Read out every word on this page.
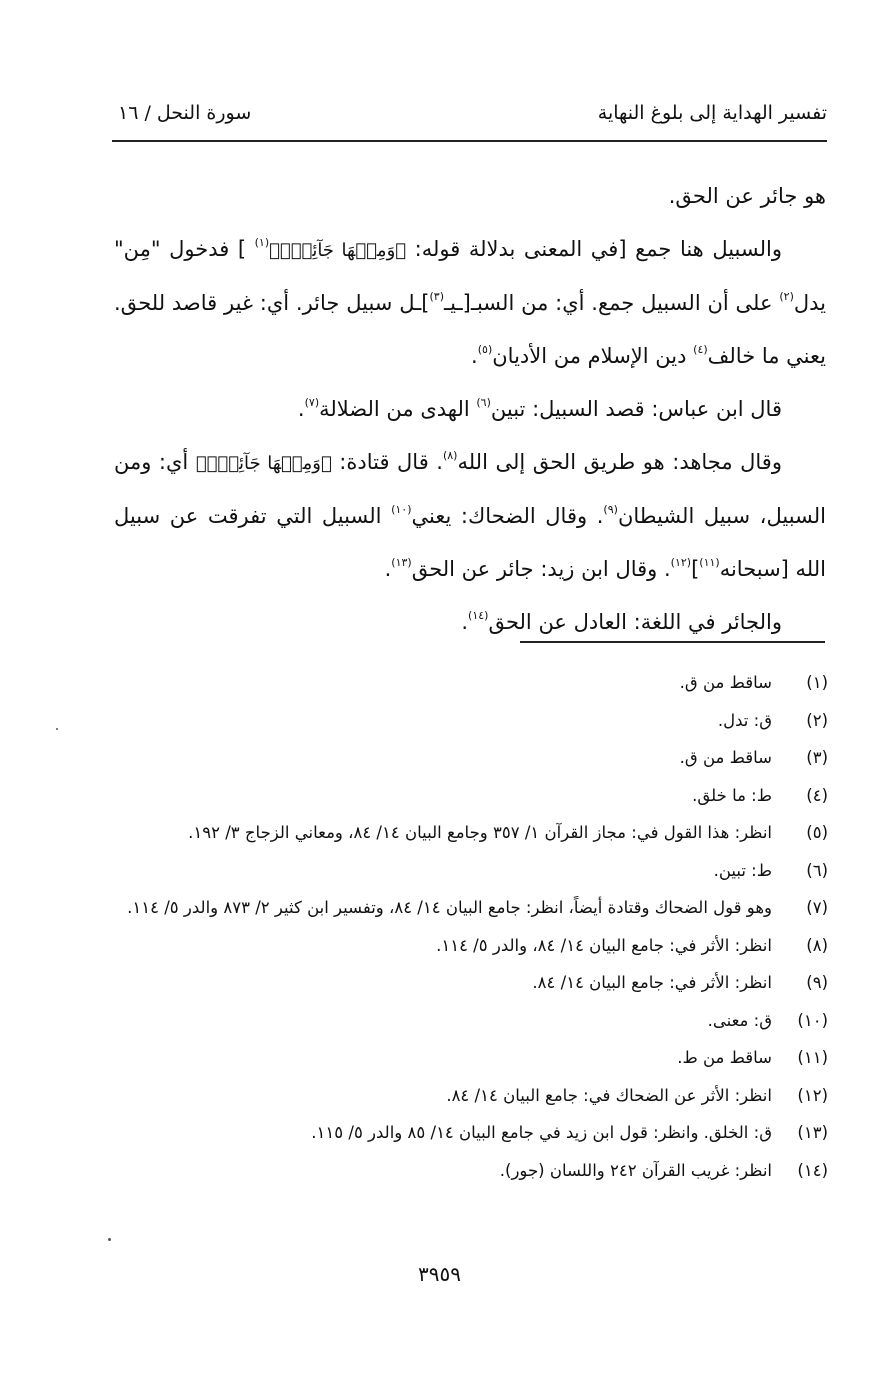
تفسير الهداية إلى بلوغ النهاية
سورة النحل / ١٦

هو جائر عن الحق.

والسبيل هنا جمع [في المعنى بدلالة قوله: ﴿وَمِنۡهَا جَآئِرٞۚ﴾$^{(١)}$ ] فدخول "مِن" يدل$^{(٢)}$ على أن السبيل جمع. أي: من السبـ[ـيـ$^{(٣)}$]ـل سبيل جائر. أي: غير قاصد للحق. يعني ما خالف$^{(٤)}$ دين الإسلام من الأديان$^{(٥)}$.

قال ابن عباس: قصد السبيل: تبين$^{(٦)}$ الهدى من الضلالة$^{(٧)}$.

وقال مجاهد: هو طريق الحق إلى الله$^{(٨)}$. قال قتادة: ﴿وَمِنۡهَا جَآئِرٞۚ﴾ أي: ومن السبيل، سبيل الشيطان$^{(٩)}$. وقال الضحاك: يعني$^{(١٠)}$ السبيل التي تفرقت عن سبيل الله [سبحانه$^{(١١)}$]$^{(١٢)}$. وقال ابن زيد: جائر عن الحق$^{(١٣)}$.

والجائر في اللغة: العادل عن الحق$^{(١٤)}$.

(١)
ساقط من ق.
(٢)
ق: تدل.
(٣)
ساقط من ق.
(٤)
ط: ما خلق.
(٥)
انظر: هذا القول في: مجاز القرآن ١/ ٣٥٧ وجامع البيان ١٤/ ٨٤، ومعاني الزجاج ٣/ ١٩٢.
(٦)
ط: تبين.
(٧)
وهو قول الضحاك وقتادة أيضاً، انظر: جامع البيان ١٤/ ٨٤، وتفسير ابن كثير ٢/ ٨٧٣ والدر ٥/ ١١٤.
(٨)
انظر: الأثر في: جامع البيان ١٤/ ٨٤، والدر ٥/ ١١٤.
(٩)
انظر: الأثر في: جامع البيان ١٤/ ٨٤.
(١٠)
ق: معنى.
(١١)
ساقط من ط.
(١٢)
انظر: الأثر عن الضحاك في: جامع البيان ١٤/ ٨٤.
(١٣)
ق: الخلق. وانظر: قول ابن زيد في جامع البيان ١٤/ ٨٥ والدر ٥/ ١١٥.
(١٤)
انظر: غريب القرآن ٢٤٢ واللسان (جور).
٣٩٥٩
